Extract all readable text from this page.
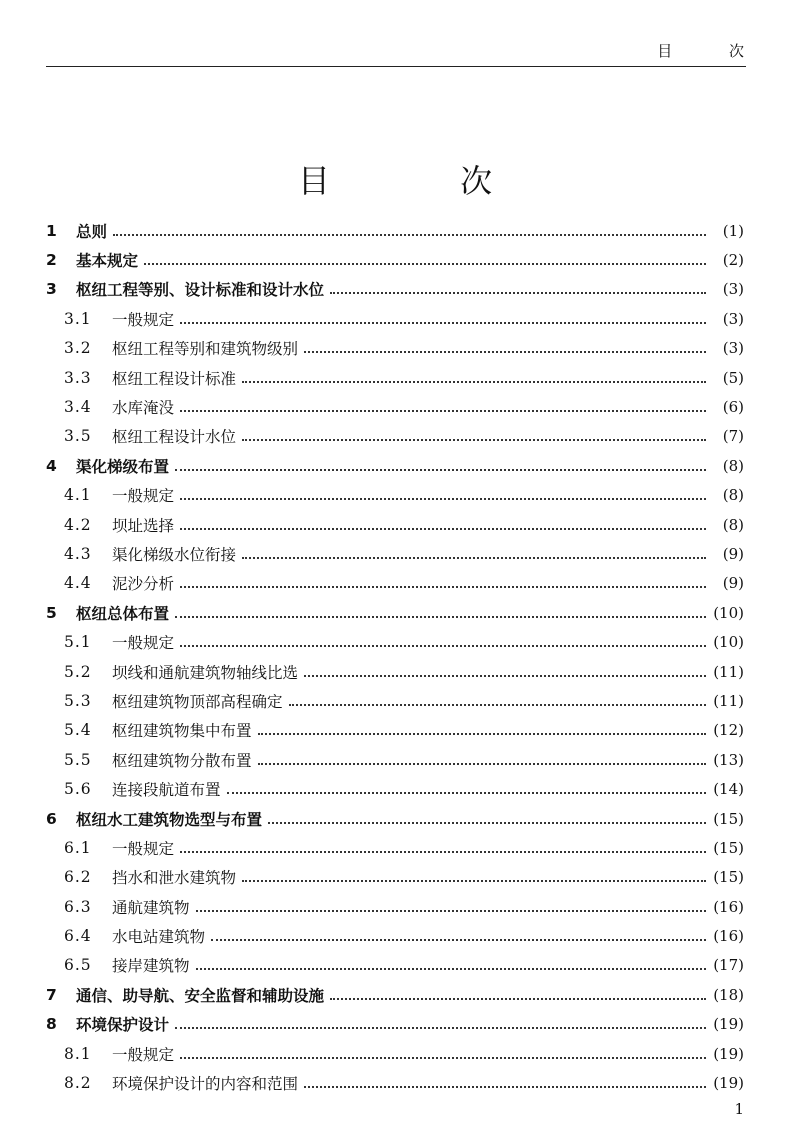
目 次
目 次
1	总则	(1)
2	基本规定	(2)
3	枢纽工程等别、设计标准和设计水位	(3)
3.1	一般规定	(3)
3.2	枢纽工程等别和建筑物级别	(3)
3.3	枢纽工程设计标准	(5)
3.4	水库淹没	(6)
3.5	枢纽工程设计水位	(7)
4	渠化梯级布置	(8)
4.1	一般规定	(8)
4.2	坝址选择	(8)
4.3	渠化梯级水位衔接	(9)
4.4	泥沙分析	(9)
5	枢纽总体布置	(10)
5.1	一般规定	(10)
5.2	坝线和通航建筑物轴线比选	(11)
5.3	枢纽建筑物顶部高程确定	(11)
5.4	枢纽建筑物集中布置	(12)
5.5	枢纽建筑物分散布置	(13)
5.6	连接段航道布置	(14)
6	枢纽水工建筑物选型与布置	(15)
6.1	一般规定	(15)
6.2	挡水和泄水建筑物	(15)
6.3	通航建筑物	(16)
6.4	水电站建筑物	(16)
6.5	接岸建筑物	(17)
7	通信、助导航、安全监督和辅助设施	(18)
8	环境保护设计	(19)
8.1	一般规定	(19)
8.2	环境保护设计的内容和范围	(19)
1
